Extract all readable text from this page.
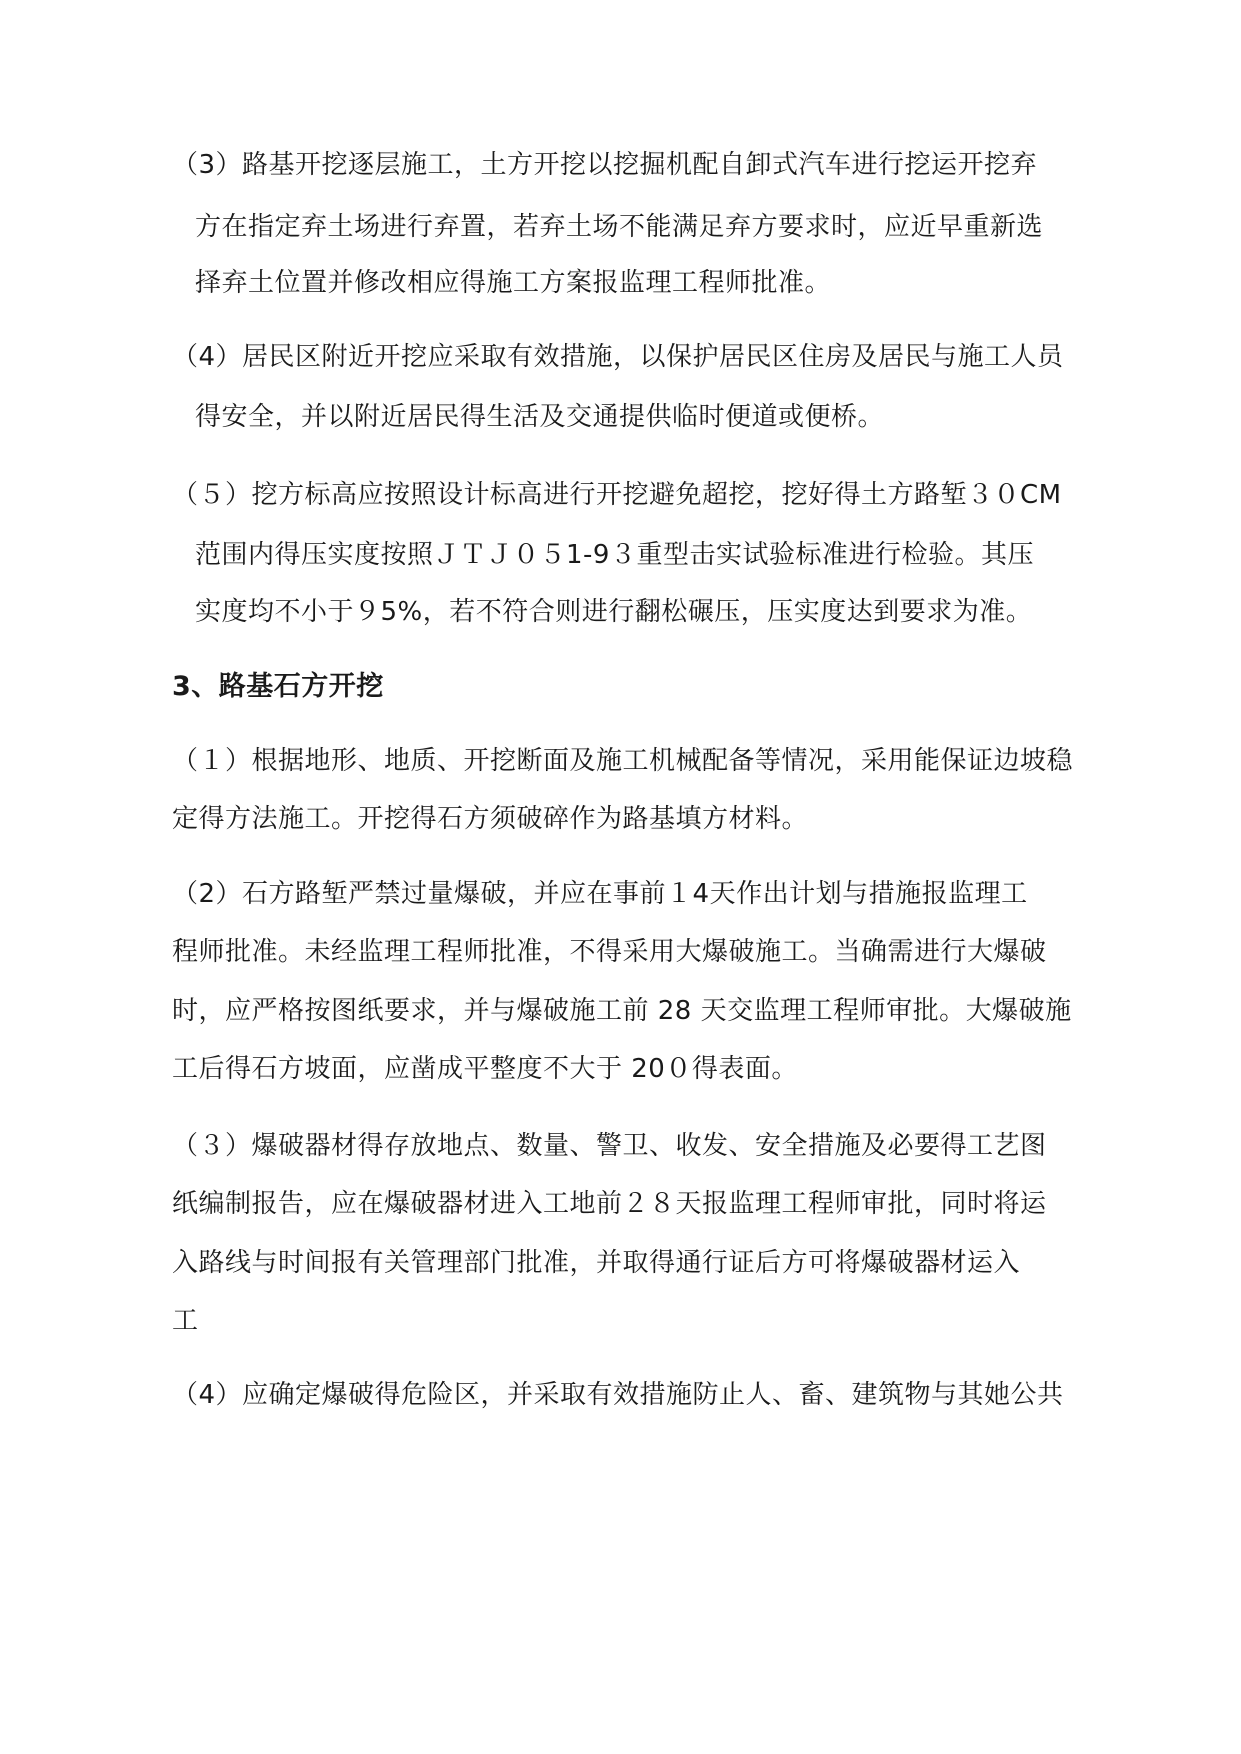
（3）路基开挖逐层施工，土方开挖以挖掘机配自卸式汽车进行挖运开挖弃
方在指定弃土场进行弃置，若弃土场不能满足弃方要求时，应近早重新选
择弃土位置并修改相应得施工方案报监理工程师批准。
（4）居民区附近开挖应采取有效措施，以保护居民区住房及居民与施工人员
得安全，并以附近居民得生活及交通提供临时便道或便桥。
（５）挖方标高应按照设计标高进行开挖避免超挖，挖好得土方路堑３０CM
范围内得压实度按照ＪＴＪ０５1-9３重型击实试验标准进行检验。其压
实度均不小于９5%，若不符合则进行翻松碾压，压实度达到要求为准。
3、路基石方开挖
（１）根据地形、地质、开挖断面及施工机械配备等情况，采用能保证边坡稳
定得方法施工。开挖得石方须破碎作为路基填方材料。
（2）石方路堑严禁过量爆破，并应在事前１4天作出计划与措施报监理工
程师批准。未经监理工程师批准，不得采用大爆破施工。当确需进行大爆破
时，应严格按图纸要求，并与爆破施工前 28 天交监理工程师审批。大爆破施
工后得石方坡面，应凿成平整度不大于 20０得表面。
（３）爆破器材得存放地点、数量、警卫、收发、安全措施及必要得工艺图
纸编制报告，应在爆破器材进入工地前２８天报监理工程师审批，同时将运
入路线与时间报有关管理部门批准，并取得通行证后方可将爆破器材运入
工
（4）应确定爆破得危险区，并采取有效措施防止人、畜、建筑物与其她公共
